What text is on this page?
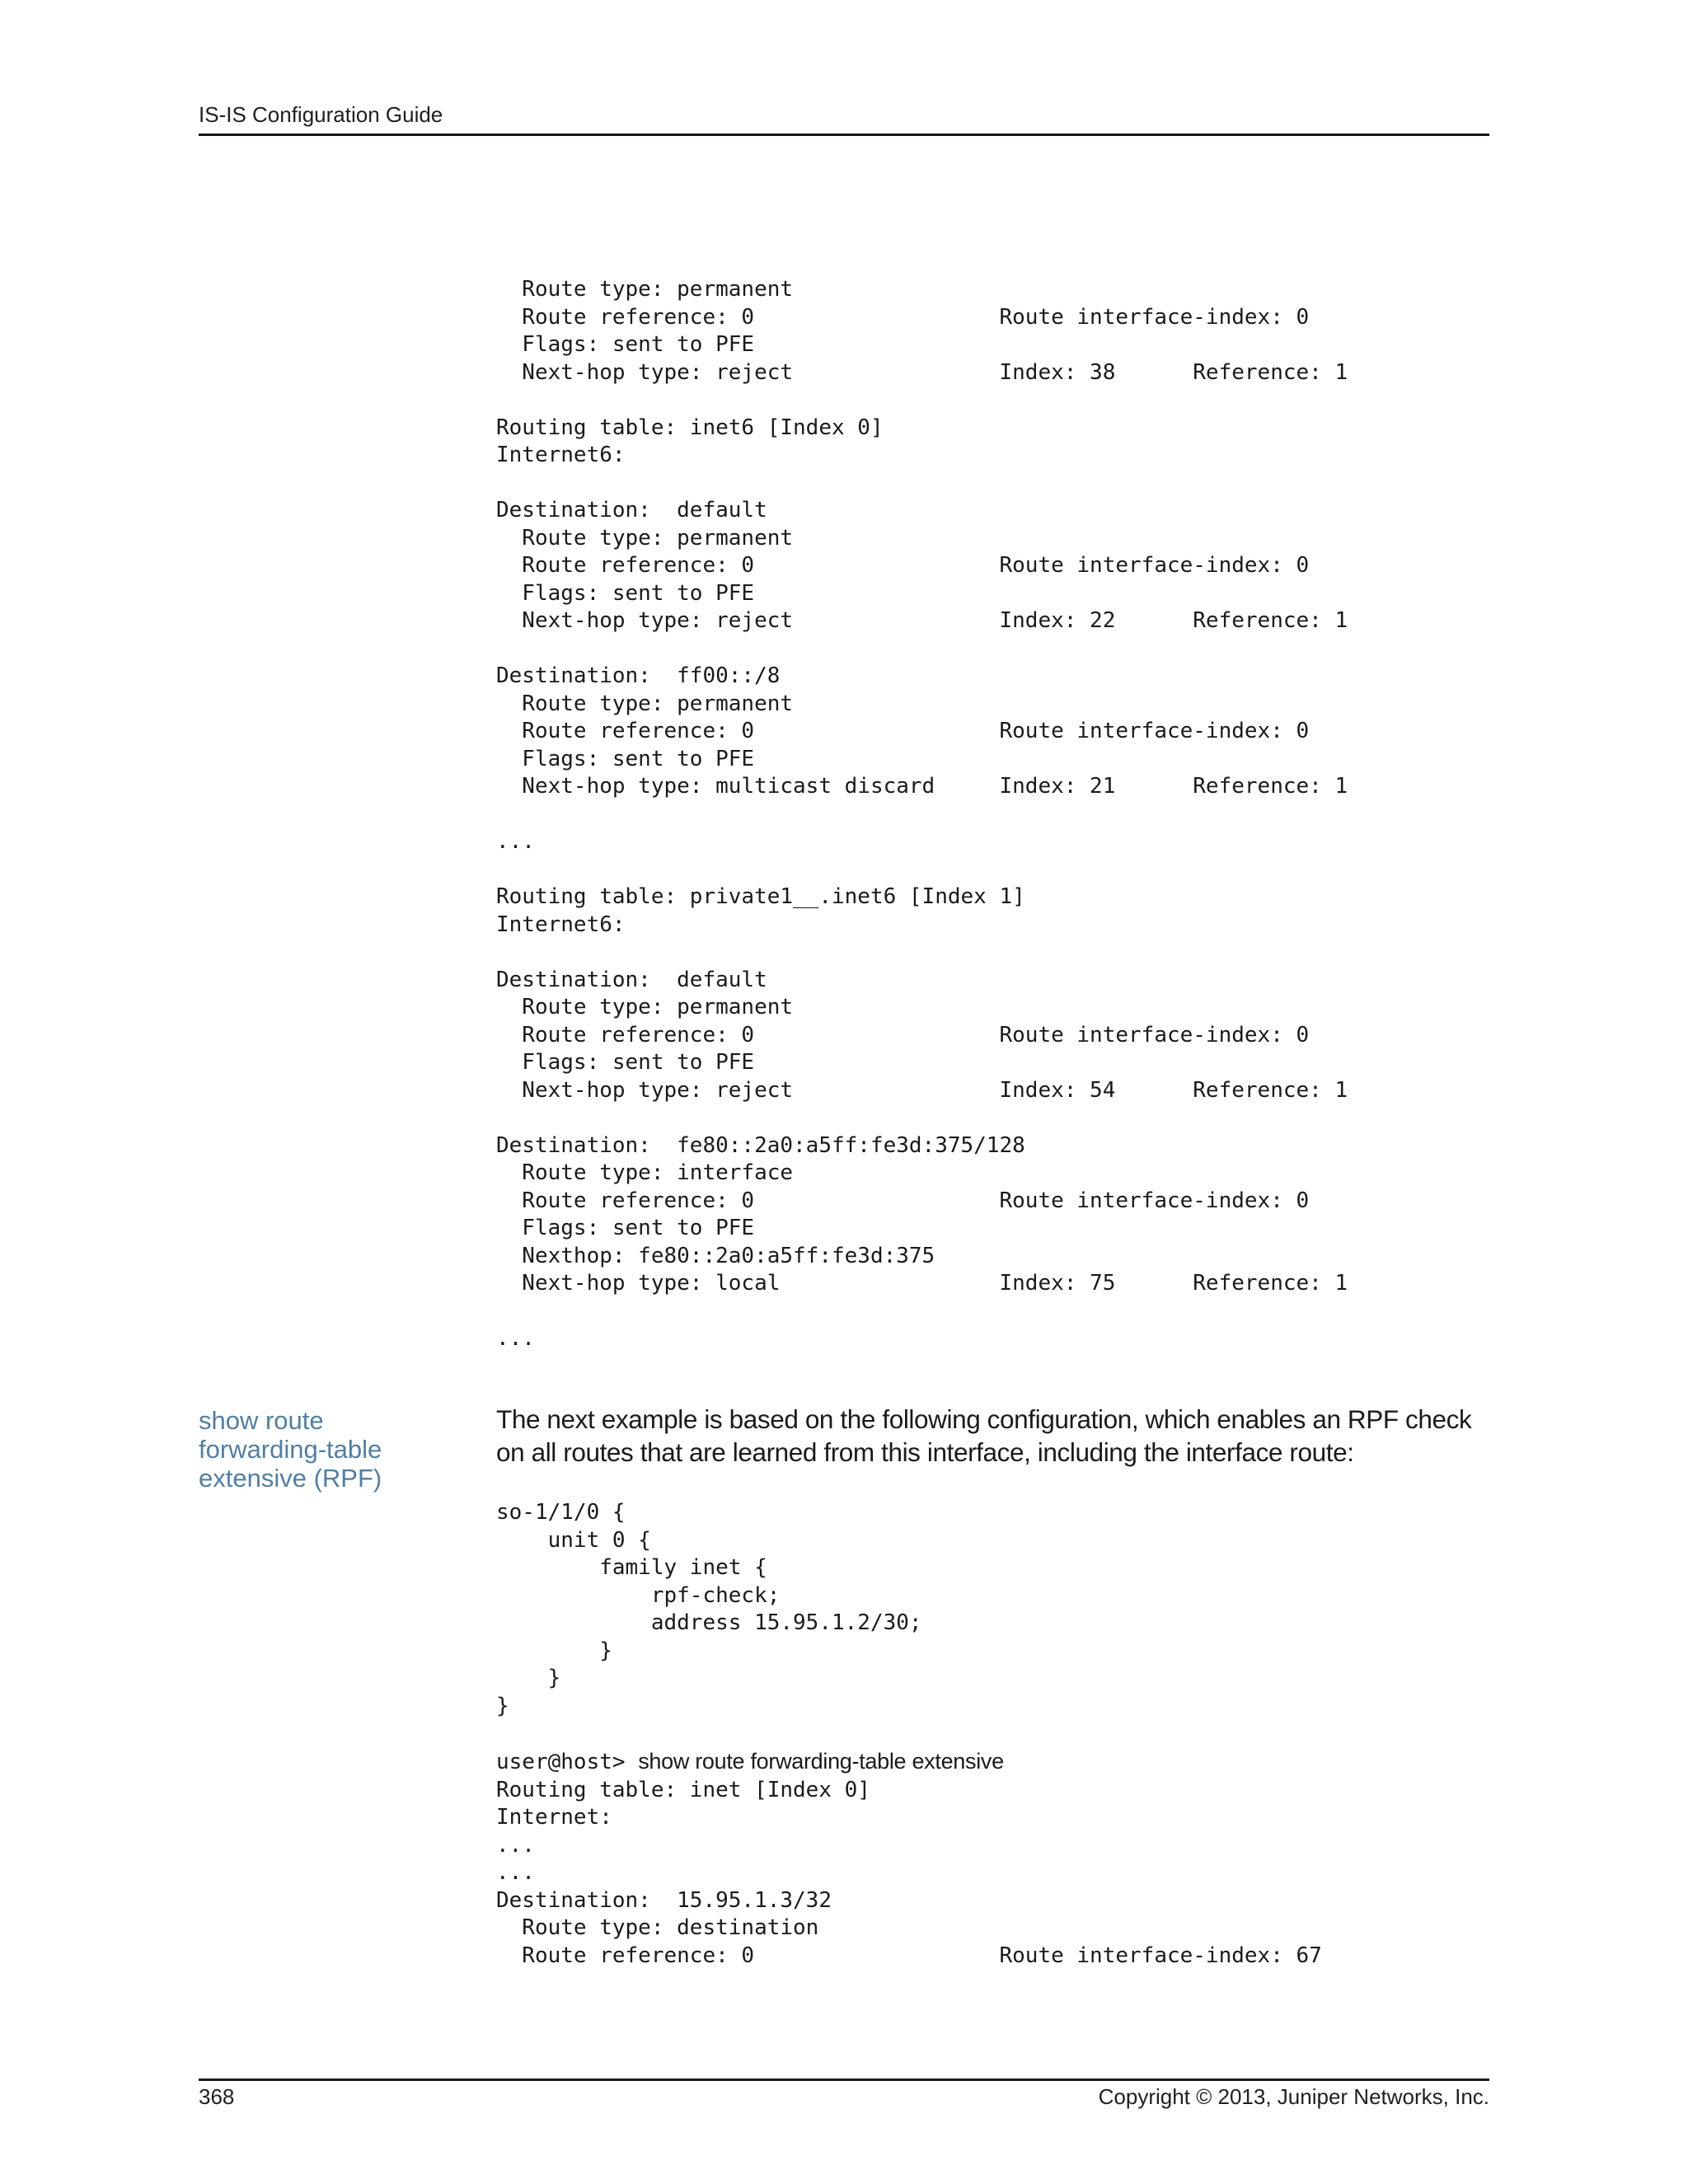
IS-IS Configuration Guide
Route type: permanent
Route reference: 0                   Route interface-index: 0
Flags: sent to PFE
Next-hop type: reject                Index: 38      Reference: 1

Routing table: inet6 [Index 0]
Internet6:

Destination:  default
Route type: permanent
Route reference: 0                   Route interface-index: 0
Flags: sent to PFE
Next-hop type: reject                Index: 22      Reference: 1

Destination:  ff00::/8
Route type: permanent
Route reference: 0                   Route interface-index: 0
Flags: sent to PFE
Next-hop type: multicast discard     Index: 21      Reference: 1

...

Routing table: private1__.inet6 [Index 1]
Internet6:

Destination:  default
Route type: permanent
Route reference: 0                   Route interface-index: 0
Flags: sent to PFE
Next-hop type: reject                Index: 54      Reference: 1

Destination:  fe80::2a0:a5ff:fe3d:375/128
Route type: interface
Route reference: 0                   Route interface-index: 0
Flags: sent to PFE
Nexthop: fe80::2a0:a5ff:fe3d:375
Next-hop type: local                 Index: 75      Reference: 1

...
show route forwarding-table extensive (RPF)
The next example is based on the following configuration, which enables an RPF check on all routes that are learned from this interface, including the interface route:
so-1/1/0 {
unit 0 {
family inet {
rpf-check;
address 15.95.1.2/30;
}
}
}
user@host> show route forwarding-table extensive
Routing table: inet [Index 0]
Internet:
...
...
Destination:  15.95.1.3/32
Route type: destination
Route reference: 0                   Route interface-index: 67
368	Copyright © 2013, Juniper Networks, Inc.
